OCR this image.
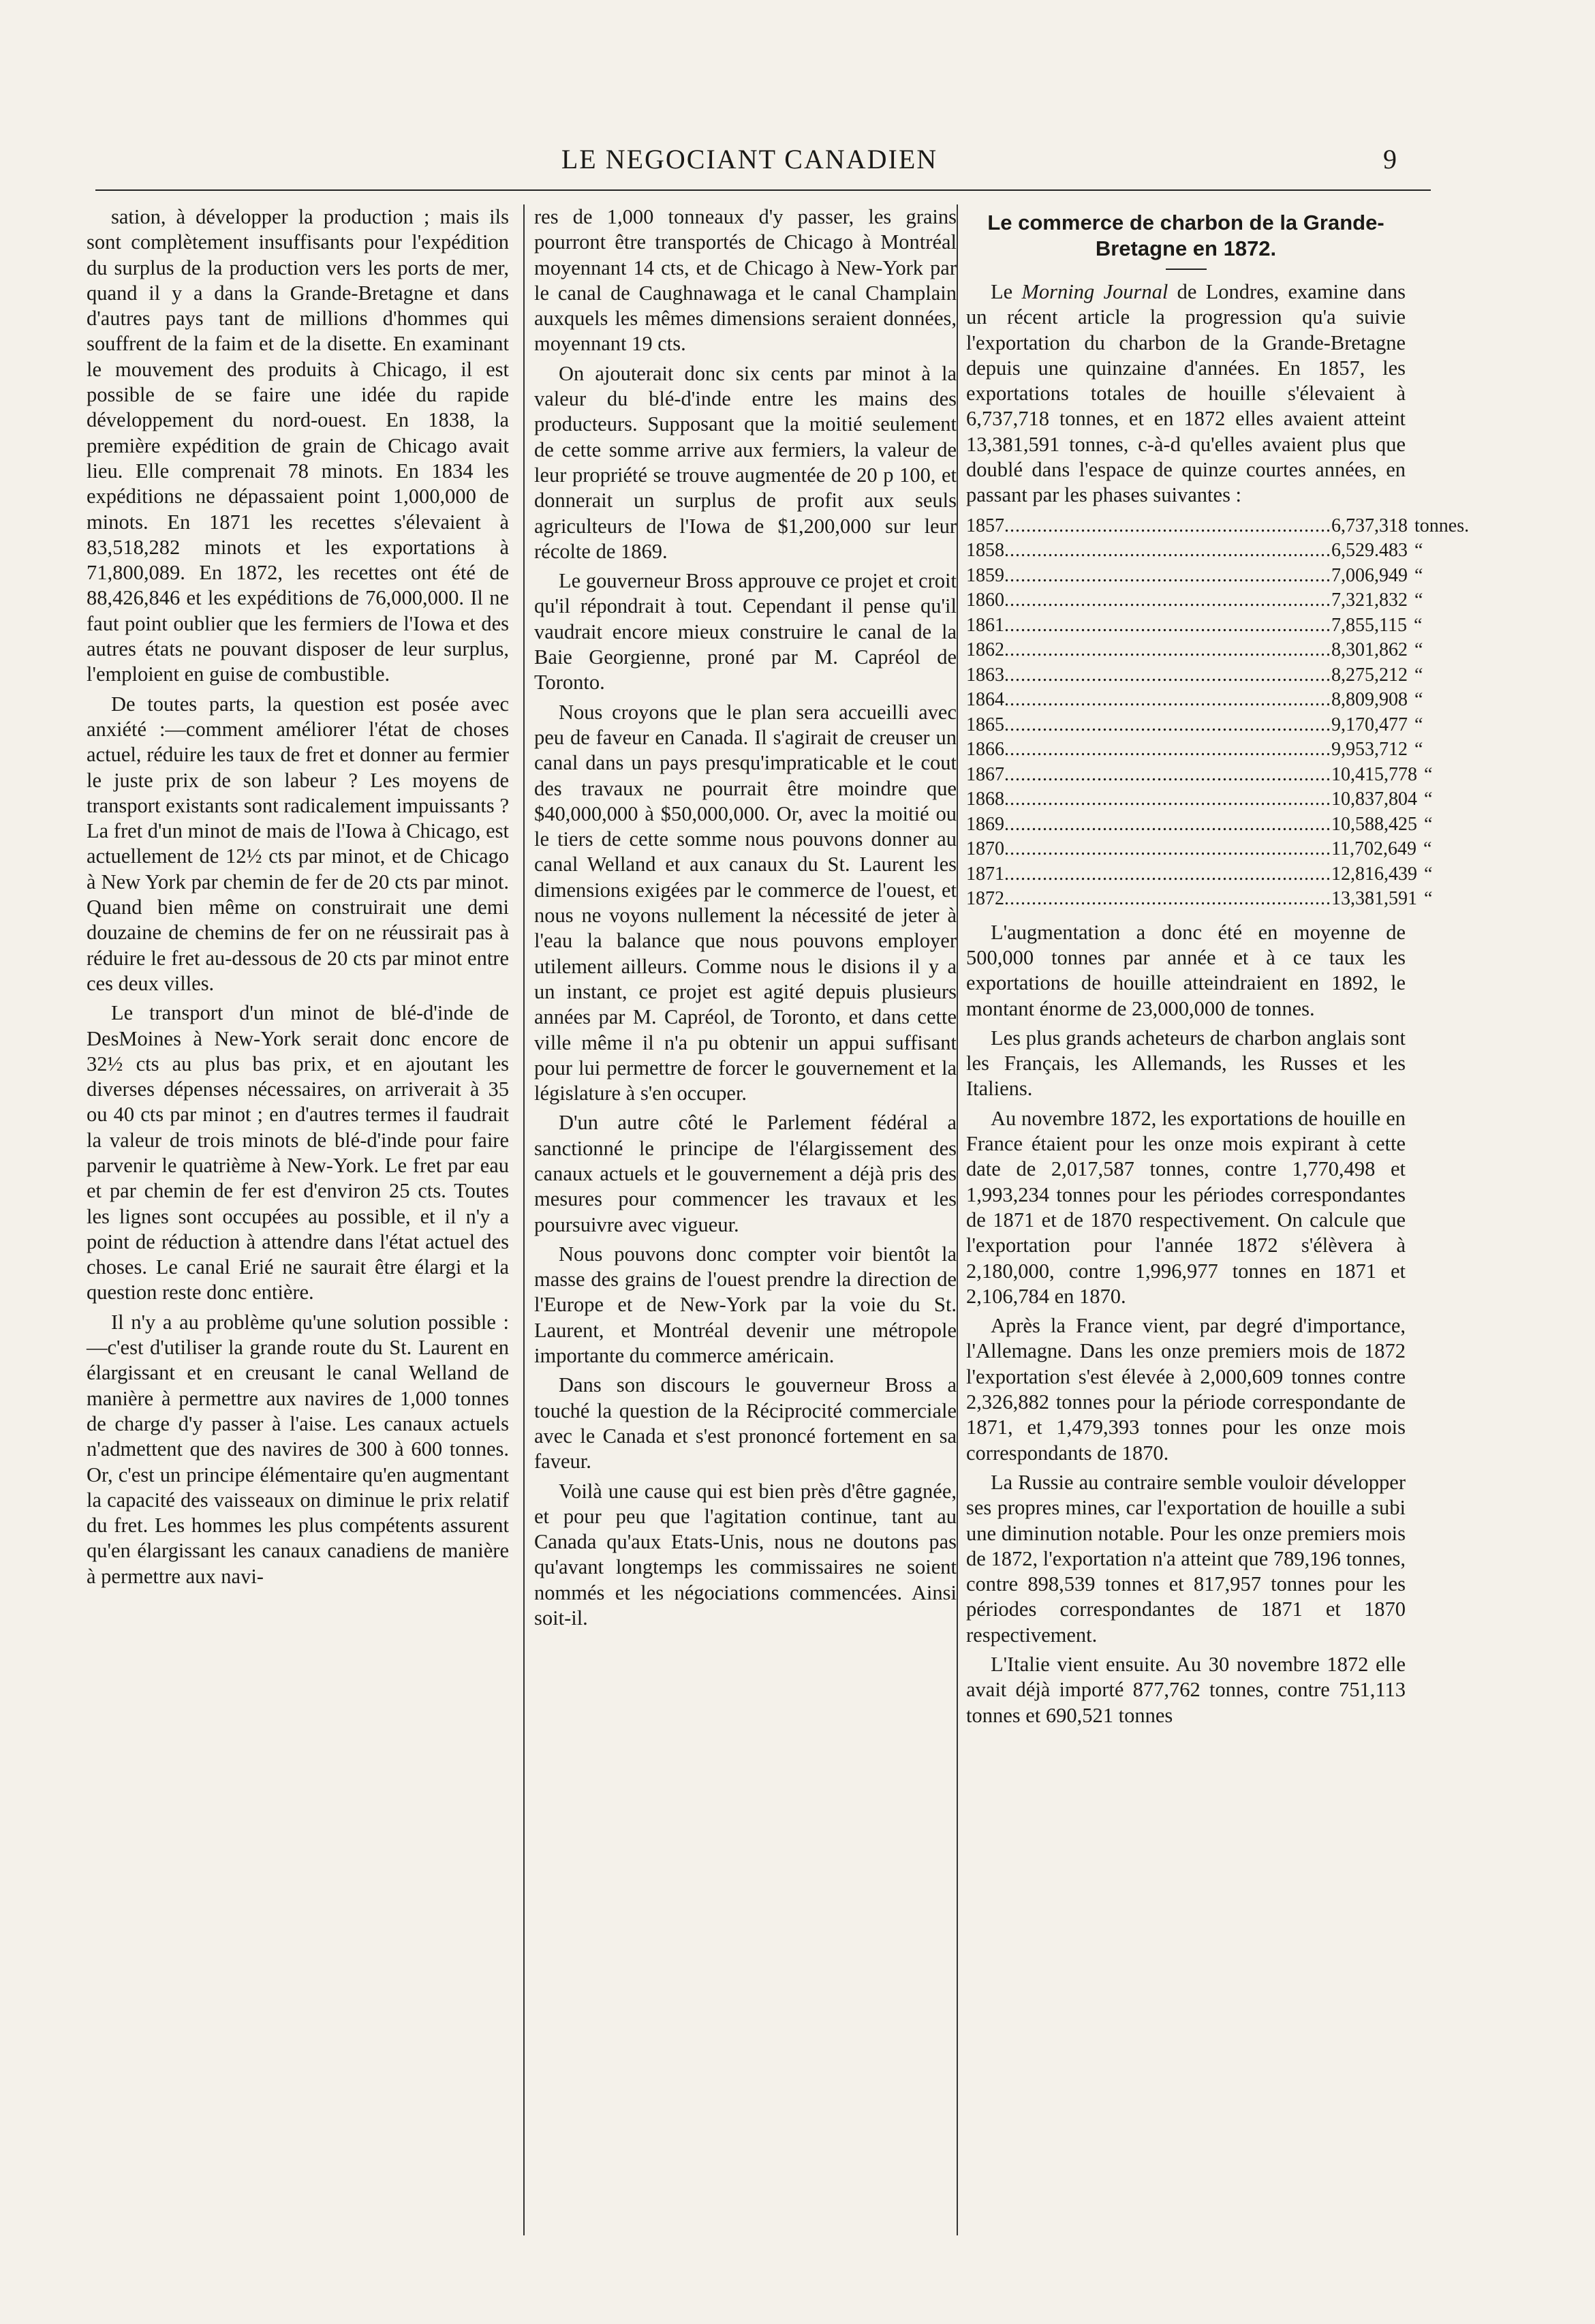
LE NEGOCIANT CANADIEN	9

sation, à développer la production ; mais ils sont complètement insuffisants pour l'expédition du surplus de la production vers les ports de mer, quand il y a dans la Grande-Bretagne et dans d'autres pays tant de millions d'hommes qui souffrent de la faim et de la disette. En examinant le mouvement des produits à Chicago, il est possible de se faire une idée du rapide développement du nord-ouest. En 1838, la première expédition de grain de Chicago avait lieu. Elle comprenait 78 minots. En 1834 les expéditions ne dépassaient point 1,000,000 de minots. En 1871 les recettes s'élevaient à 83,518,282 minots et les exportations à 71,800,089. En 1872, les recettes ont été de 88,426,846 et les expéditions de 76,000,000. Il ne faut point oublier que les fermiers de l'Iowa et des autres états ne pouvant disposer de leur surplus, l'emploient en guise de combustible.

De toutes parts, la question est posée avec anxiété :—comment améliorer l'état de choses actuel, réduire les taux de fret et donner au fermier le juste prix de son labeur ? Les moyens de transport existants sont radicalement impuissants ? La fret d'un minot de mais de l'Iowa à Chicago, est actuellement de 12½ cts par minot, et de Chicago à New York par chemin de fer de 20 cts par minot. Quand bien même on construirait une demi douzaine de chemins de fer on ne réussirait pas à réduire le fret au-dessous de 20 cts par minot entre ces deux villes.

Le transport d'un minot de blé-d'inde de DesMoines à New-York serait donc encore de 32½ cts au plus bas prix, et en ajoutant les diverses dépenses nécessaires, on arriverait à 35 ou 40 cts par minot ; en d'autres termes il faudrait la valeur de trois minots de blé-d'inde pour faire parvenir le quatrième à New-York. Le fret par eau et par chemin de fer est d'environ 25 cts. Toutes les lignes sont occupées au possible, et il n'y a point de réduction à attendre dans l'état actuel des choses. Le canal Erié ne saurait être élargi et la question reste donc entière.

Il n'y a au problème qu'une solution possible :—c'est d'utiliser la grande route du St. Laurent en élargissant et en creusant le canal Welland de manière à permettre aux navires de 1,000 tonnes de charge d'y passer à l'aise. Les canaux actuels n'admettent que des navires de 300 à 600 tonnes. Or, c'est un principe élémentaire qu'en augmentant la capacité des vaisseaux on diminue le prix relatif du fret. Les hommes les plus compétents assurent qu'en élargissant les canaux canadiens de manière à permettre aux navi-

res de 1,000 tonneaux d'y passer, les grains pourront être transportés de Chicago à Montréal moyennant 14 cts, et de Chicago à New-York par le canal de Caughnawaga et le canal Champlain auxquels les mêmes dimensions seraient données, moyennant 19 cts.

On ajouterait donc six cents par minot à la valeur du blé-d'inde entre les mains des producteurs. Supposant que la moitié seulement de cette somme arrive aux fermiers, la valeur de leur propriété se trouve augmentée de 20 p 100, et donnerait un surplus de profit aux seuls agriculteurs de l'Iowa de $1,200,000 sur leur récolte de 1869.

Le gouverneur Bross approuve ce projet et croit qu'il répondrait à tout. Cependant il pense qu'il vaudrait encore mieux construire le canal de la Baie Georgienne, proné par M. Capréol de Toronto.

Nous croyons que le plan sera accueilli avec peu de faveur en Canada. Il s'agirait de creuser un canal dans un pays presqu'impraticable et le cout des travaux ne pourrait être moindre que $40,000,000 à $50,000,000. Or, avec la moitié ou le tiers de cette somme nous pouvons donner au canal Welland et aux canaux du St. Laurent les dimensions exigées par le commerce de l'ouest, et nous ne voyons nullement la nécessité de jeter à l'eau la balance que nous pouvons employer utilement ailleurs. Comme nous le disions il y a un instant, ce projet est agité depuis plusieurs années par M. Capréol, de Toronto, et dans cette ville même il n'a pu obtenir un appui suffisant pour lui permettre de forcer le gouvernement et la législature à s'en occuper.

D'un autre côté le Parlement fédéral a sanctionné le principe de l'élargissement des canaux actuels et le gouvernement a déjà pris des mesures pour commencer les travaux et les poursuivre avec vigueur.

Nous pouvons donc compter voir bientôt la masse des grains de l'ouest prendre la direction de l'Europe et de New-York par la voie du St. Laurent, et Montréal devenir une métropole importante du commerce américain.

Dans son discours le gouverneur Bross a touché la question de la Réciprocité commerciale avec le Canada et s'est prononcé fortement en sa faveur.

Voilà une cause qui est bien près d'être gagnée, et pour peu que l'agitation continue, tant au Canada qu'aux Etats-Unis, nous ne doutons pas qu'avant longtemps les commissaires ne soient nommés et les négociations commencées. Ainsi soit-il.

Le commerce de charbon de la Grande-Bretagne en 1872.

Le Morning Journal de Londres, examine dans un récent article la progression qu'a suivie l'exportation du charbon de la Grande-Bretagne depuis une quinzaine d'années. En 1857, les exportations totales de houille s'élevaient à 6,737,718 tonnes, et en 1872 elles avaient atteint 13,381,591 tonnes, c-à-d qu'elles avaient plus que doublé dans l'espace de quinze courtes années, en passant par les phases suivantes :

1857 ............................................................ 6,737,318 tonnes.
1858 ............................................................ 6,529.483 “
1859 ............................................................ 7,006,949 “
1860 ............................................................ 7,321,832 “
1861 ............................................................ 7,855,115 “
1862 ............................................................ 8,301,862 “
1863 ............................................................ 8,275,212 “
1864 ............................................................ 8,809,908 “
1865 ............................................................ 9,170,477 “
1866 ............................................................ 9,953,712 “
1867 ............................................................ 10,415,778 “
1868 ............................................................ 10,837,804 “
1869 ............................................................ 10,588,425 “
1870 ............................................................ 11,702,649 “
1871 ............................................................ 12,816,439 “
1872 ............................................................ 13,381,591 “

L'augmentation a donc été en moyenne de 500,000 tonnes par année et à ce taux les exportations de houille atteindraient en 1892, le montant énorme de 23,000,000 de tonnes.

Les plus grands acheteurs de charbon anglais sont les Français, les Allemands, les Russes et les Italiens.

Au novembre 1872, les exportations de houille en France étaient pour les onze mois expirant à cette date de 2,017,587 tonnes, contre 1,770,498 et 1,993,234 tonnes pour les périodes correspondantes de 1871 et de 1870 respectivement. On calcule que l'exportation pour l'année 1872 s'élèvera à 2,180,000, contre 1,996,977 tonnes en 1871 et 2,106,784 en 1870.

Après la France vient, par degré d'importance, l'Allemagne. Dans les onze premiers mois de 1872 l'exportation s'est élevée à 2,000,609 tonnes contre 2,326,882 tonnes pour la période correspondante de 1871, et 1,479,393 tonnes pour les onze mois correspondants de 1870.

La Russie au contraire semble vouloir développer ses propres mines, car l'exportation de houille a subi une diminution notable. Pour les onze premiers mois de 1872, l'exportation n'a atteint que 789,196 tonnes, contre 898,539 tonnes et 817,957 tonnes pour les périodes correspondantes de 1871 et 1870 respectivement.

L'Italie vient ensuite. Au 30 novembre 1872 elle avait déjà importé 877,762 tonnes, contre 751,113 tonnes et 690,521 tonnes
